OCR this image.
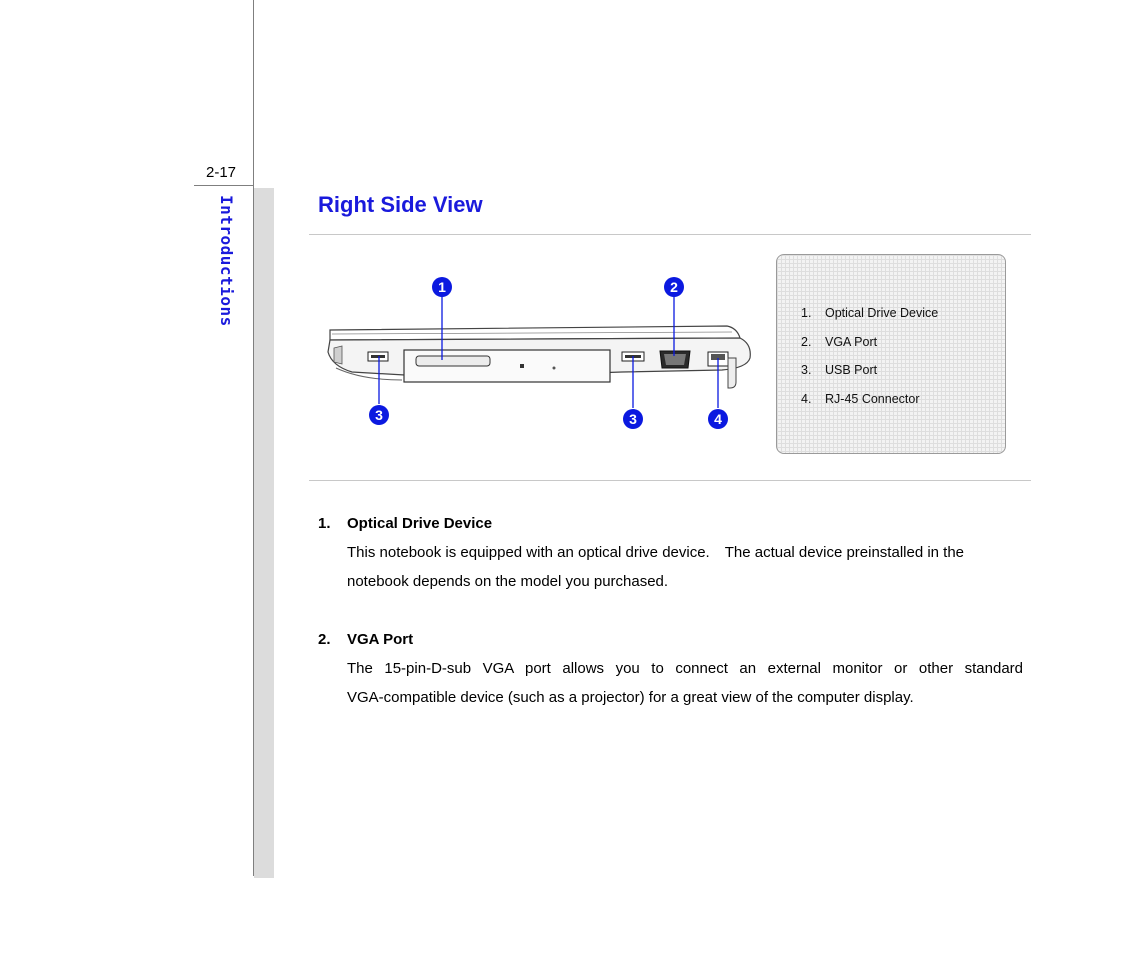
2-17
Introductions	Right Side View
1	2
3	3	4
1. Optical Drive Device
2. VGA Port
3. USB Port
4. RJ-45 Connector
1. Optical Drive Device
This notebook is equipped with an optical drive device.　The actual device preinstalled in the
notebook depends on the model you purchased.
2. VGA Port
The 15-pin-D-sub VGA port allows you to connect an external monitor or other standard
VGA-compatible device (such as a projector) for a great view of the computer display.
